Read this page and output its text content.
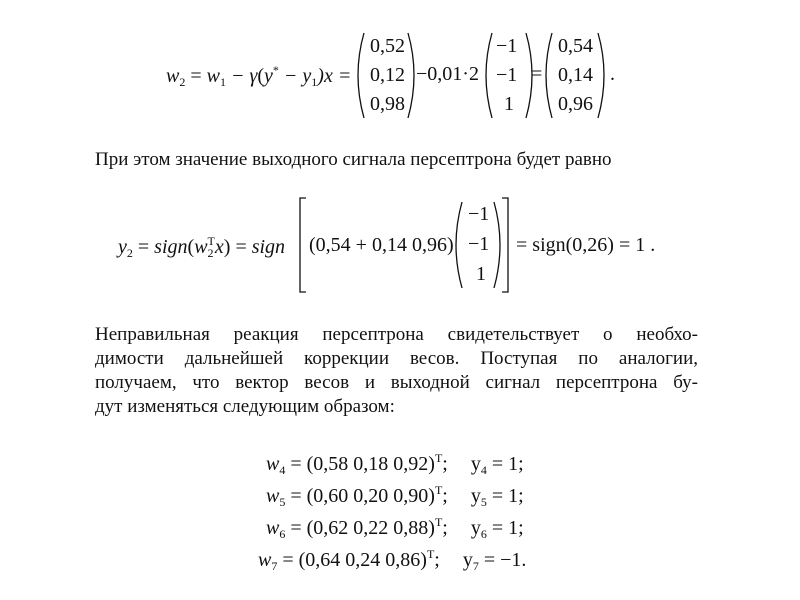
$w_2 = w_1 - \gamma(y^* - y_1)x$ =
0,52
0,12
0,98
−0,01·2
−1
−1
1
=
0,54
0,14
0,96
.
При этом значение выходного сигнала персептрона будет равно
$y_2$ = $sign(w_2^Tx)$ = sign (0,54 + 0,14 0,96)
−1
−1
1
= sign(0,26) = 1 .
Неправильная реакция персептрона свидетельствует о необхо-
димости дальнейшей коррекции весов. Поступая по аналогии,
получаем, что вектор весов и выходной сигнал персептрона бу-
дут изменяться следующим образом:
$w_4 = (0,58$ 0,18 0,92)$^T$; $y_4 = 1$;
$w_5 = (0,60$ 0,20 0,90)$^T$; $y_5 = 1$;
$w_6 = (0,62$ 0,22 0,88)$^T$; $y_6 = 1$;
$w_7 = (0,64$ 0,24 0,86)$^T$; $y_7 = -1$.
